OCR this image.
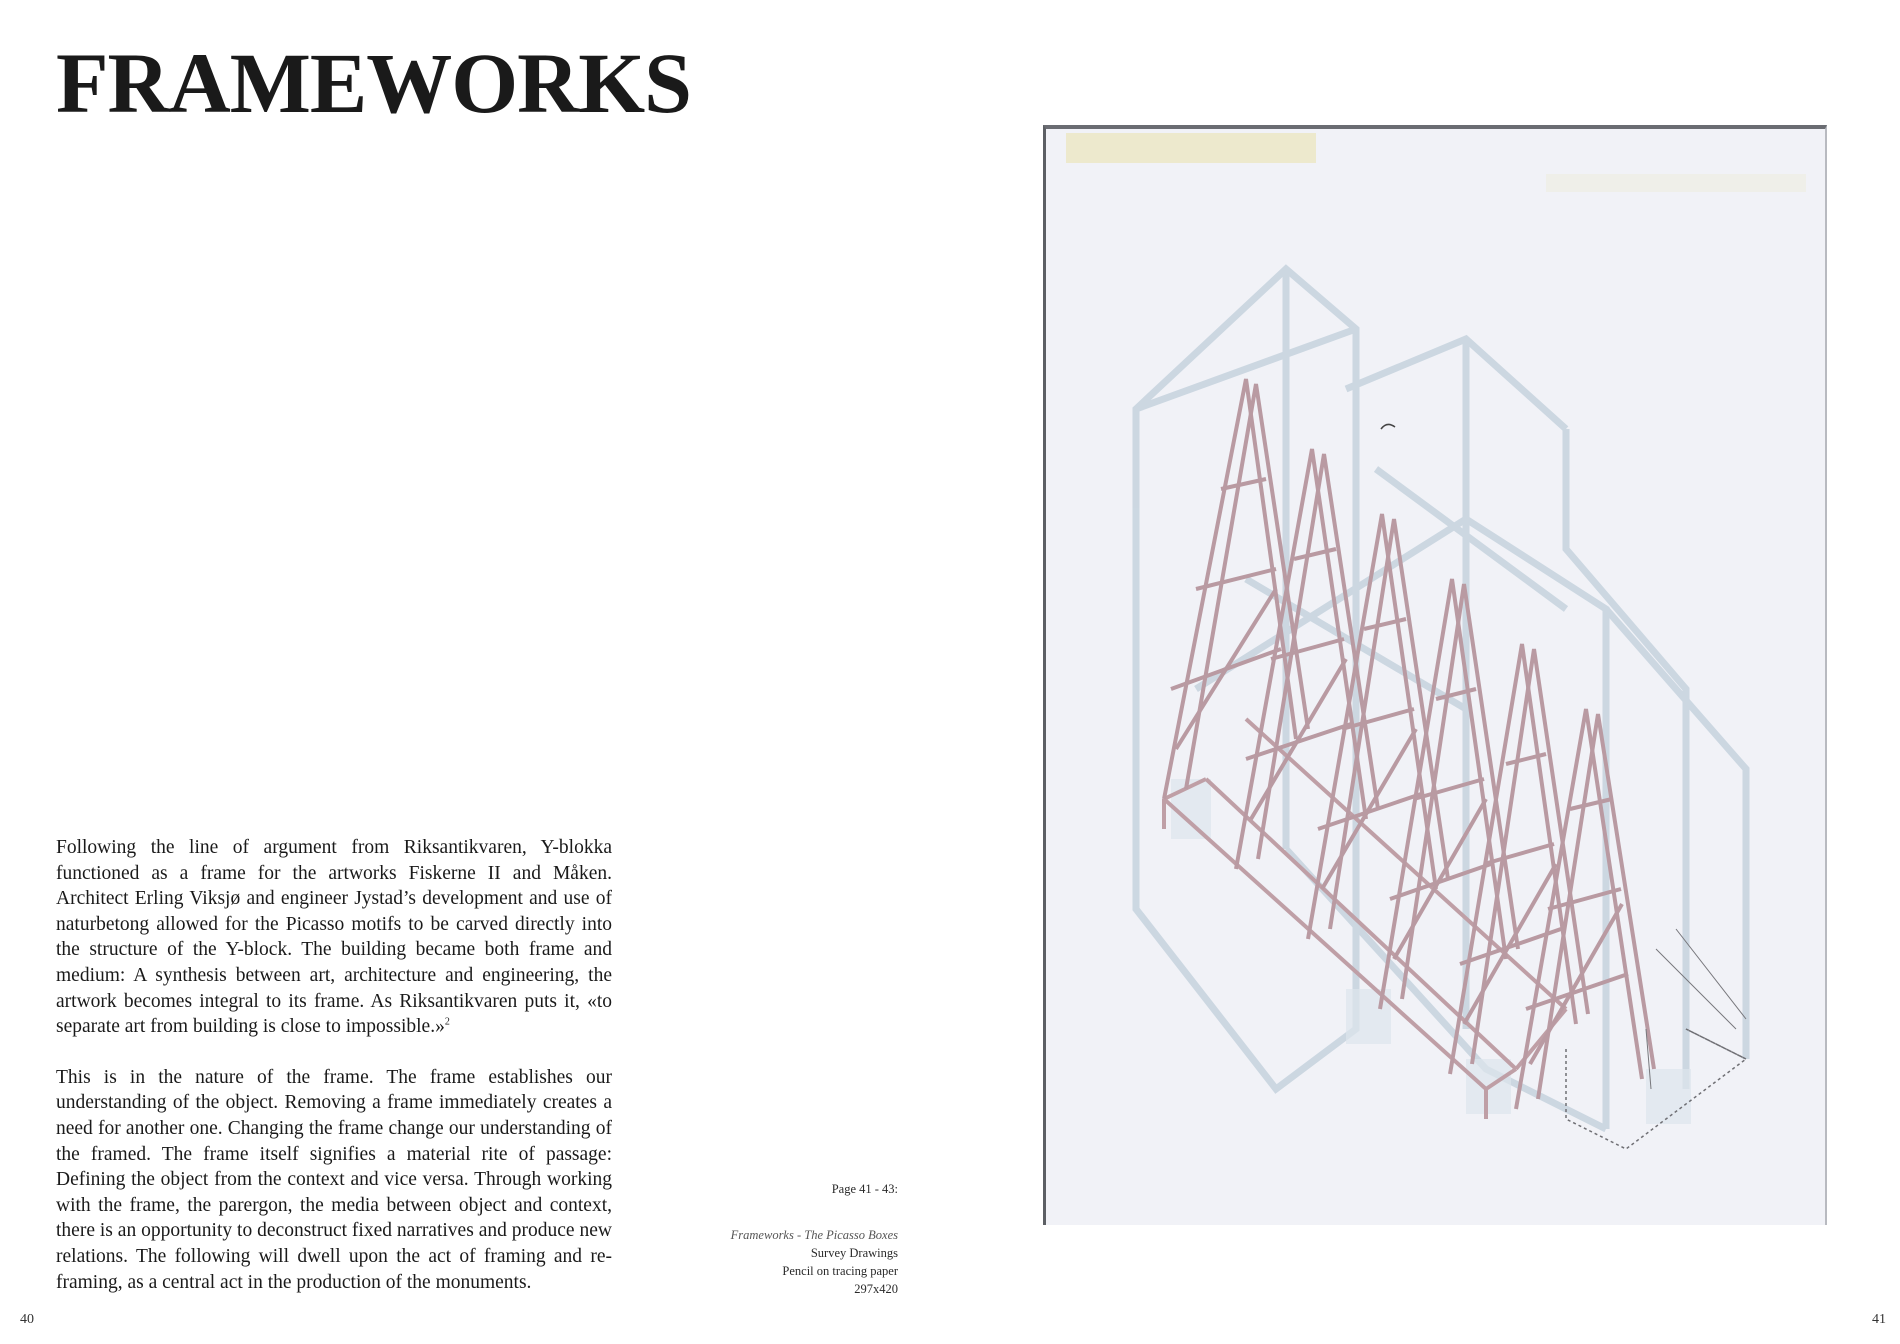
FRAMEWORKS

Following the line of argument from Riksantikvaren, Y-blokka functioned as a frame for the artworks Fiskerne II and Måken. Architect Erling Viksjø and engineer Jystad’s development and use of naturbetong allowed for the Picasso motifs to be carved directly into the structure of the Y-block. The building became both frame and medium: A synthesis between art, architecture and engineering, the artwork becomes integral to its frame. As Riksantikvaren puts it, «to separate art from building is close to impossible.»$^2$

This is in the nature of the frame. The frame establishes our understanding of the object. Removing a frame immediately creates a need for another one. Changing the frame change our understanding of the framed. The frame itself signifies a material rite of passage: Defining the object from the context and vice versa. Through working with the frame, the parergon, the media between object and context, there is an opportunity to deconstruct fixed narratives and produce new relations. The following will dwell upon the act of framing and re-framing, as a central act in the production of the monuments.

Page 41 - 43:
Frameworks - The Picasso Boxes
Survey Drawings
Pencil on tracing paper
297x420
40	41
